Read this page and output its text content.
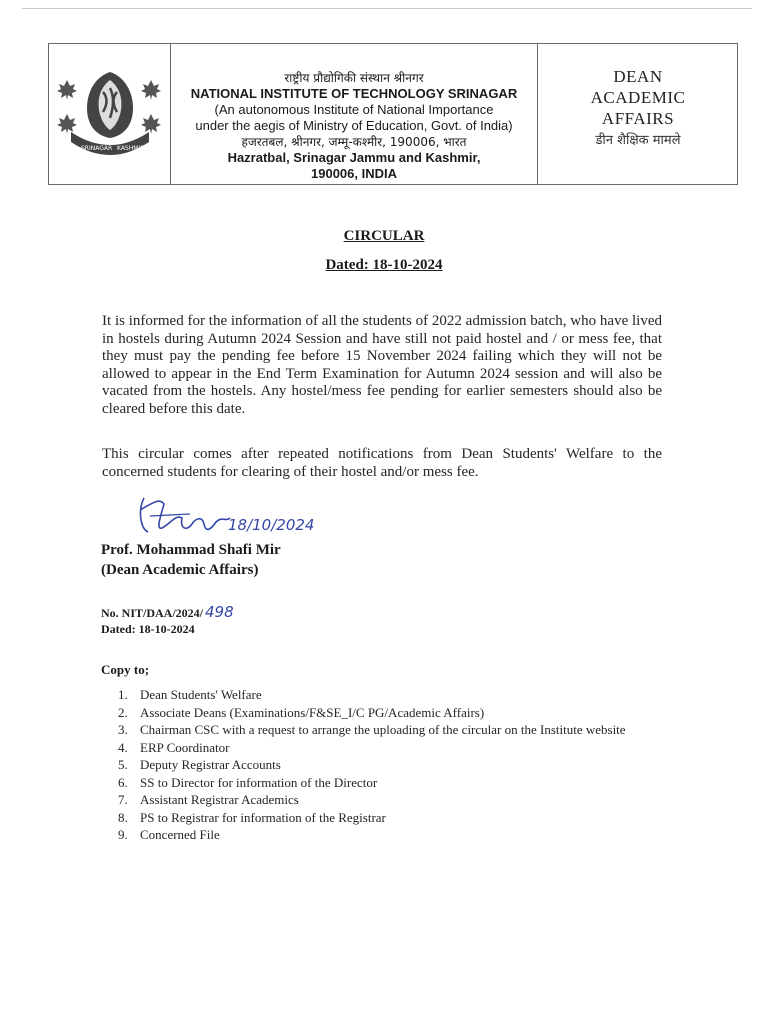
SRINAGAR KASHMIR
राष्ट्रीय प्रौद्योगिकी संस्थान श्रीनगर
NATIONAL INSTITUTE OF TECHNOLOGY SRINAGAR
(An autonomous Institute of National Importance
under the aegis of Ministry of Education, Govt. of India)
हजरतबल, श्रीनगर, जम्मू-कश्मीर, 190006, भारत
Hazratbal, Srinagar Jammu and Kashmir,
190006, INDIA
DEAN
ACADEMIC
AFFAIRS
डीन शैक्षिक मामले
CIRCULAR
Dated: 18-10-2024
It is informed for the information of all the students of 2022 admission batch, who have lived in hostels during Autumn 2024 Session and have still not paid hostel and / or mess fee, that they must pay the pending fee before 15 November 2024 failing which they will not be allowed to appear in the End Term Examination for Autumn 2024 session and will also be vacated from the hostels. Any hostel/mess fee pending for earlier semesters should also be cleared before this date.
This circular comes after repeated notifications from Dean Students' Welfare to the concerned students for clearing of their hostel and/or mess fee.
18/10/2024
Prof. Mohammad Shafi Mir
(Dean Academic Affairs)
No. NIT/DAA/2024/ 498
Dated: 18-10-2024
Copy to;
1. Dean Students' Welfare
2. Associate Deans (Examinations/F&SE_I/C PG/Academic Affairs)
3. Chairman CSC with a request to arrange the uploading of the circular on the Institute website
4. ERP Coordinator
5. Deputy Registrar Accounts
6. SS to Director for information of the Director
7. Assistant Registrar Academics
8. PS to Registrar for information of the Registrar
9. Concerned File
